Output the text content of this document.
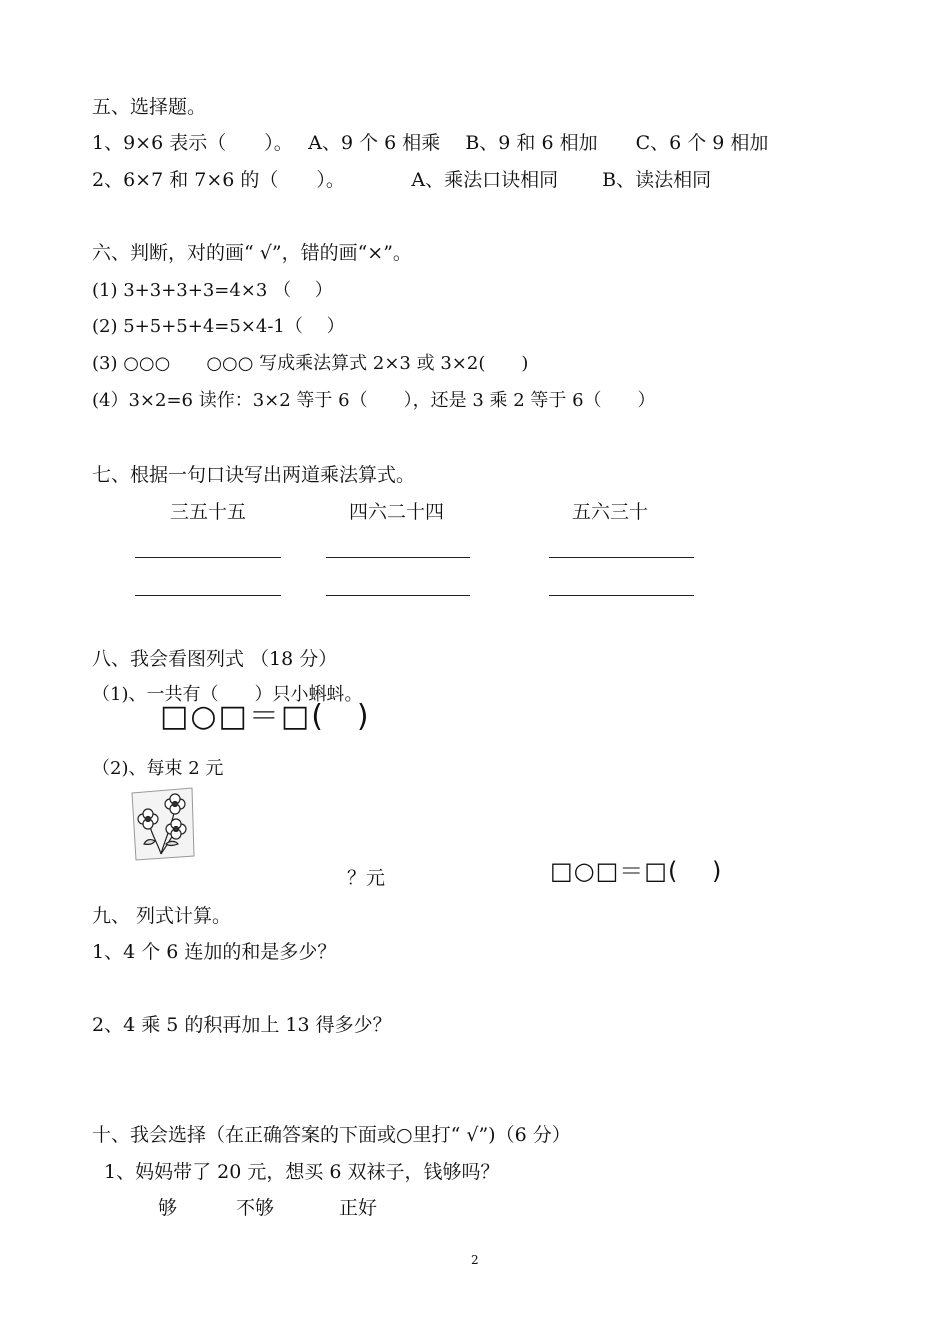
五、选择题。
1、9×6 表示（　　）。　 A、9 个 6 相乘　 B、9 和 6 相加　　C、6 个 9 相加
2、6×7 和 7×6 的（　　）。　　　　A、乘法口诀相同　　 B、读法相同
六、判断，对的画“ √”，错的画“×”。
(1) 3+3+3+3=4×3 （　 ）
(2) 5+5+5+4=5×4-1（　 ）
(3) ○○○　　○○○ 写成乘法算式 2×3 或 3×2(　　)
(4）3×2=6 读作：3×2 等于 6（　　），还是 3 乘 2 等于 6（　　）
七、根据一句口诀写出两道乘法算式。
三五十五	四六二十四	五六三十
八、我会看图列式 （18 分）
（1)、一共有（　　）只小蝌蚪。
□○□＝□(　)
（2)、每束 2 元
？元	□○□＝□(　 )
九、 列式计算。
1、4 个 6 连加的和是多少？
2、4 乘 5 的积再加上 13 得多少？
十、我会选择（在正确答案的下面或○里打“ √”)（6 分）
1、妈妈带了 20 元，想买 6 双袜子，钱够吗？
够	不够	正好
2
